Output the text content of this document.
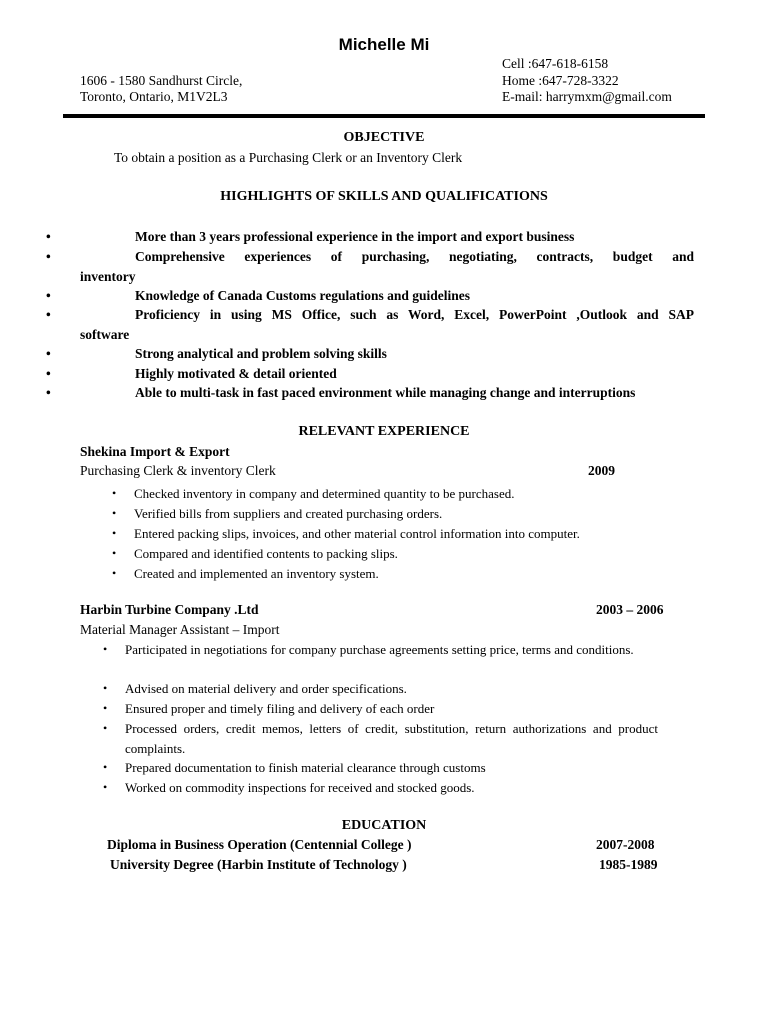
Michelle Mi
1606 - 1580 Sandhurst Circle,
Toronto, Ontario, M1V2L3
Cell :647-618-6158
Home :647-728-3322
E-mail: harrymxm@gmail.com
OBJECTIVE
To obtain a position as a Purchasing Clerk or an Inventory Clerk
HIGHLIGHTS OF SKILLS AND QUALIFICATIONS
•	More than 3 years professional experience in the import and export business
•	Comprehensive experiences of purchasing, negotiating, contracts, budget and
inventory
•	Knowledge of Canada Customs regulations and guidelines
•	Proficiency in using MS Office, such as Word, Excel, PowerPoint ,Outlook and SAP
software
•	Strong analytical and problem solving skills
•	Highly motivated & detail oriented
•	Able to multi-task in fast paced environment while managing change and interruptions
RELEVANT EXPERIENCE
Shekina Import & Export
Purchasing Clerk & inventory Clerk	2009
•	Checked inventory in company and determined quantity to be purchased.
•	Verified bills from suppliers and created purchasing orders.
•	Entered packing slips, invoices, and other material control information into computer.
•	Compared and identified contents to packing slips.
•	Created and implemented an inventory system.
Harbin Turbine Company .Ltd	2003 – 2006
Material Manager Assistant – Import
•	Participated in negotiations for company purchase agreements setting price, terms and conditions.
•	Advised on material delivery and order specifications.
•	Ensured proper and timely filing and delivery of each order
•	Processed orders, credit memos, letters of credit, substitution, return authorizations and product complaints.
•	Prepared documentation to finish material clearance through customs
•	Worked on commodity inspections for received and stocked goods.
EDUCATION
Diploma in Business Operation (Centennial College )	2007-2008
University Degree (Harbin Institute of Technology )	1985-1989
